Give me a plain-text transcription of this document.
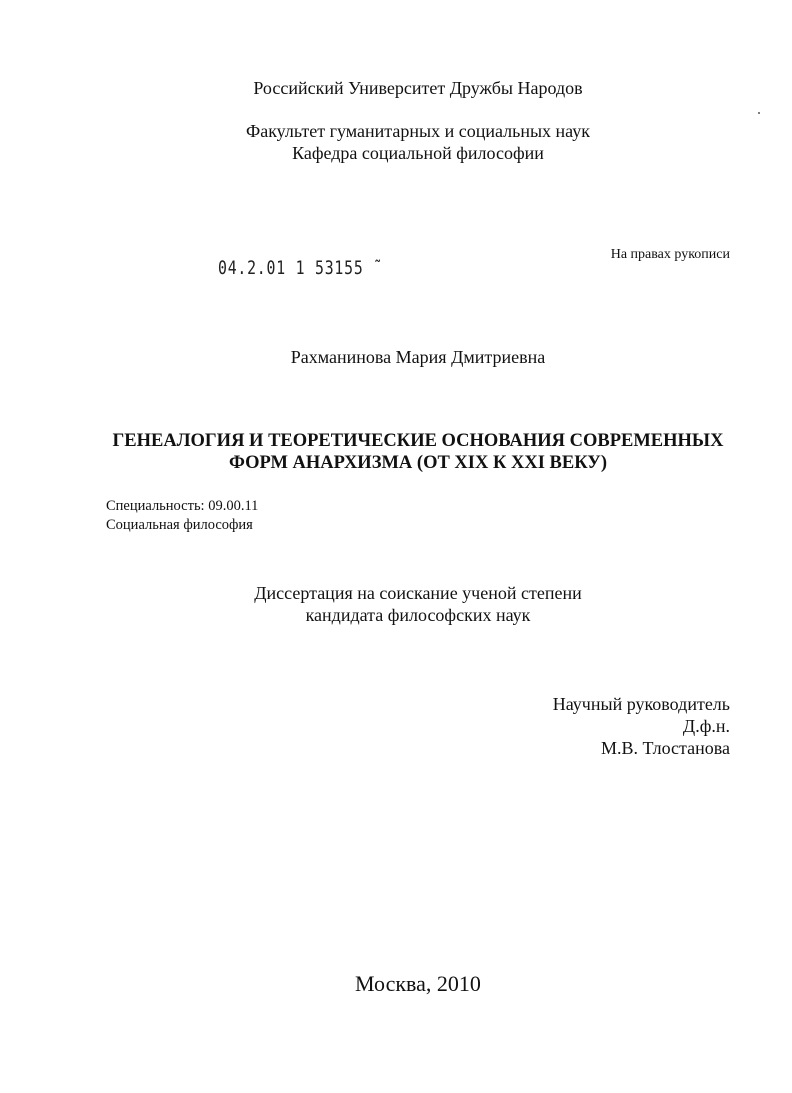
Российский Университет Дружбы Народов
Факультет гуманитарных и социальных наук
Кафедра социальной философии
На правах рукописи
04.2.01 1 53155 ˜
Рахманинова Мария Дмитриевна
ГЕНЕАЛОГИЯ И ТЕОРЕТИЧЕСКИЕ ОСНОВАНИЯ СОВРЕМЕННЫХ
ФОРМ АНАРХИЗМА (ОТ XIX К XXI ВЕКУ)
Специальность: 09.00.11
Социальная философия
Диссертация на соискание ученой степени
кандидата философских наук
Научный руководитель
Д.ф.н.
М.В. Тлостанова
Москва, 2010
